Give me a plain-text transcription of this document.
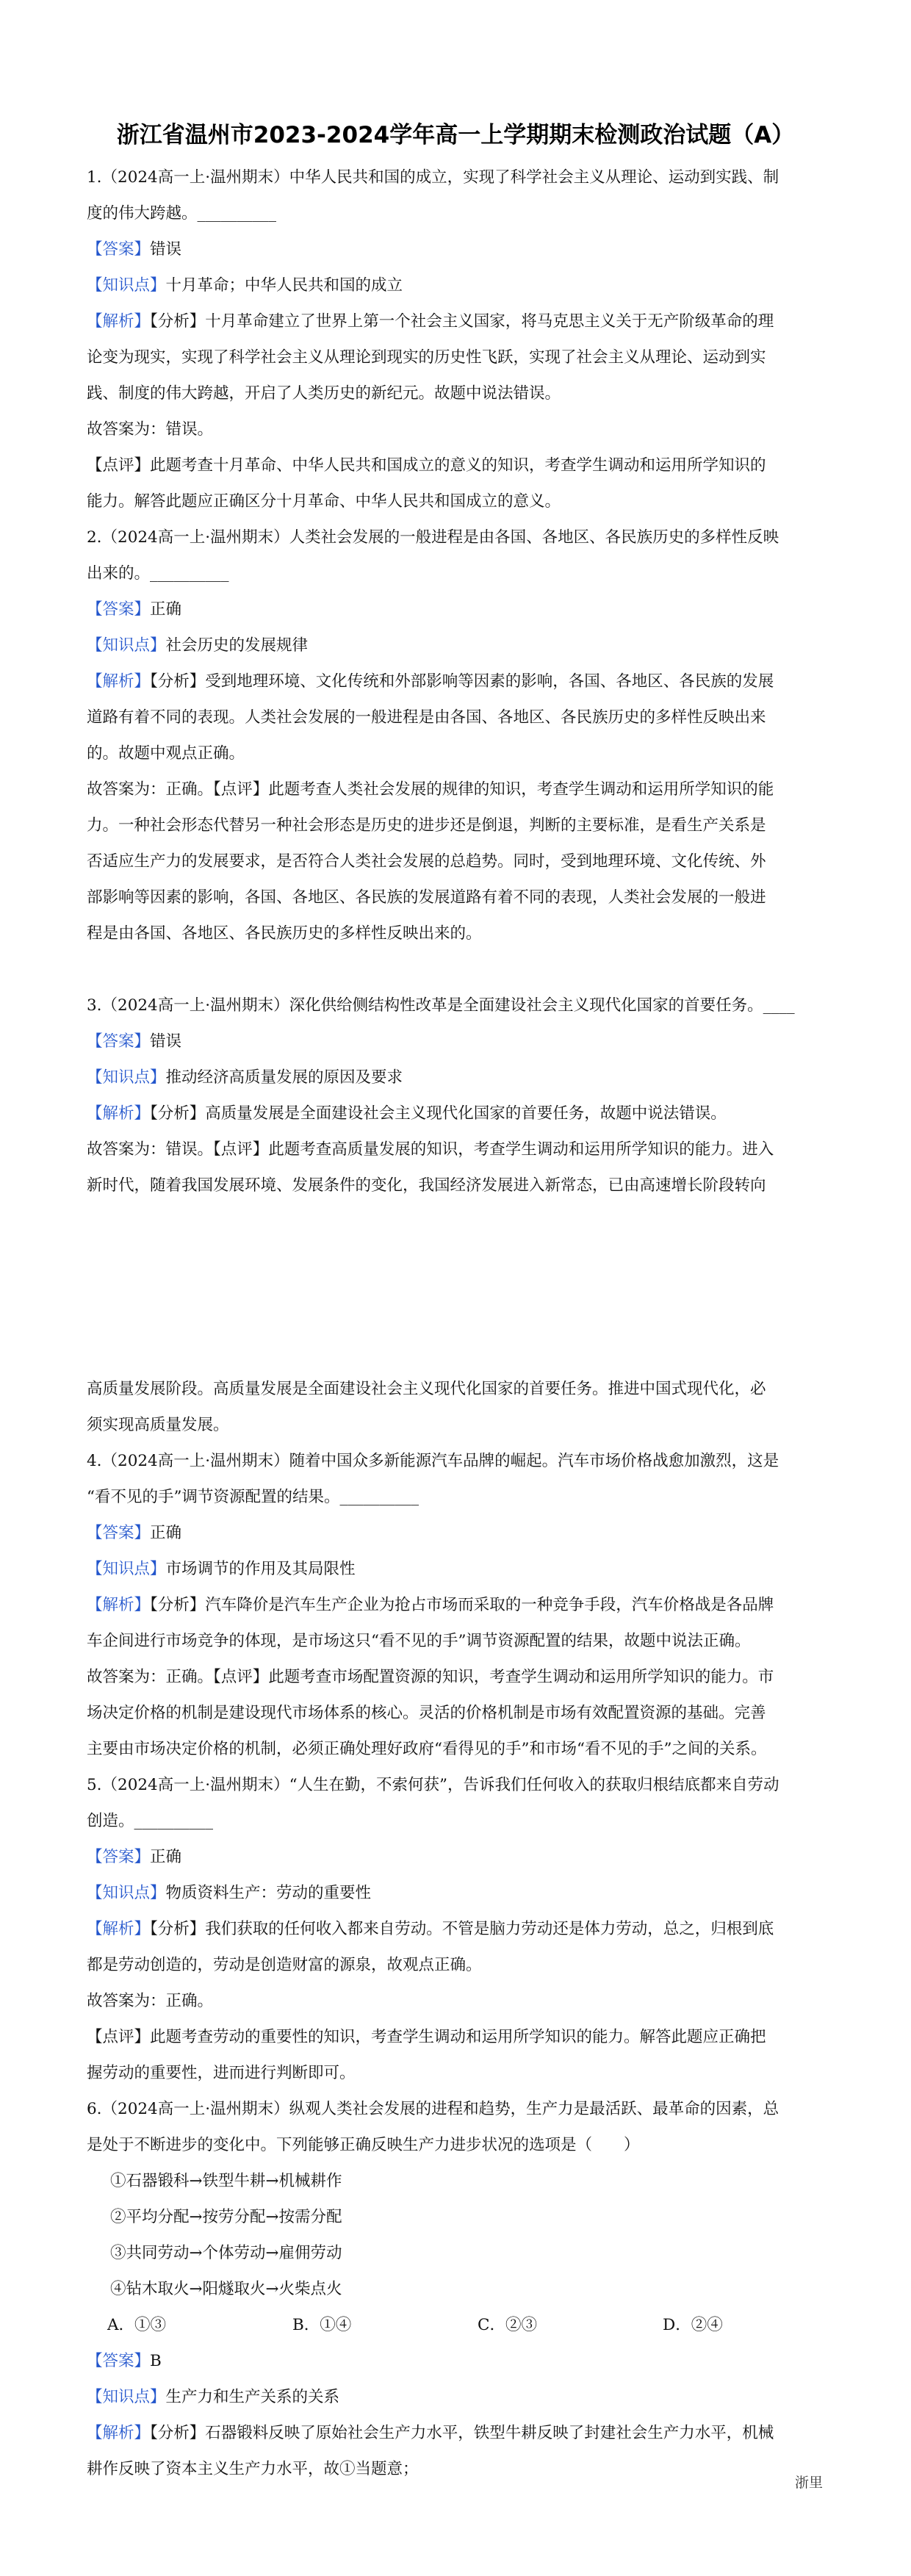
浙江省温州市2023-2024学年高一上学期期末检测政治试题（A）
1.（2024高一上·温州期末）中华人民共和国的成立，实现了科学社会主义从理论、运动到实践、制
度的伟大跨越。__________
【答案】错误
【知识点】十月革命；中华人民共和国的成立
【解析】【分析】十月革命建立了世界上第一个社会主义国家，将马克思主义关于无产阶级革命的理
论变为现实，实现了科学社会主义从理论到现实的历史性飞跃，实现了社会主义从理论、运动到实
践、制度的伟大跨越，开启了人类历史的新纪元。故题中说法错误。
故答案为：错误。
【点评】此题考查十月革命、中华人民共和国成立的意义的知识，考查学生调动和运用所学知识的
能力。解答此题应正确区分十月革命、中华人民共和国成立的意义。
2.（2024高一上·温州期末）人类社会发展的一般进程是由各国、各地区、各民族历史的多样性反映
出来的。__________
【答案】正确
【知识点】社会历史的发展规律
【解析】【分析】受到地理环境、文化传统和外部影响等因素的影响，各国、各地区、各民族的发展
道路有着不同的表现。人类社会发展的一般进程是由各国、各地区、各民族历史的多样性反映出来
的。故题中观点正确。
故答案为：正确。【点评】此题考查人类社会发展的规律的知识，考查学生调动和运用所学知识的能
力。一种社会形态代替另一种社会形态是历史的进步还是倒退，判断的主要标准，是看生产关系是
否适应生产力的发展要求，是否符合人类社会发展的总趋势。同时，受到地理环境、文化传统、外
部影响等因素的影响，各国、各地区、各民族的发展道路有着不同的表现，人类社会发展的一般进
程是由各国、各地区、各民族历史的多样性反映出来的。
3.（2024高一上·温州期末）深化供给侧结构性改革是全面建设社会主义现代化国家的首要任务。____
【答案】错误
【知识点】推动经济高质量发展的原因及要求
【解析】【分析】高质量发展是全面建设社会主义现代化国家的首要任务，故题中说法错误。
故答案为：错误。【点评】此题考查高质量发展的知识，考查学生调动和运用所学知识的能力。进入
新时代，随着我国发展环境、发展条件的变化，我国经济发展进入新常态，已由高速增长阶段转向
高质量发展阶段。高质量发展是全面建设社会主义现代化国家的首要任务。推进中国式现代化，必
须实现高质量发展。
4.（2024高一上·温州期末）随着中国众多新能源汽车品牌的崛起。汽车市场价格战愈加激烈，这是
“看不见的手”调节资源配置的结果。__________
【答案】正确
【知识点】市场调节的作用及其局限性
【解析】【分析】汽车降价是汽车生产企业为抢占市场而采取的一种竞争手段，汽车价格战是各品牌
车企间进行市场竞争的体现，是市场这只“看不见的手”调节资源配置的结果，故题中说法正确。
故答案为：正确。【点评】此题考查市场配置资源的知识，考查学生调动和运用所学知识的能力。市
场决定价格的机制是建设现代市场体系的核心。灵活的价格机制是市场有效配置资源的基础。完善
主要由市场决定价格的机制，必须正确处理好政府“看得见的手”和市场“看不见的手”之间的关系。
5.（2024高一上·温州期末）“人生在勤，不索何获”，告诉我们任何收入的获取归根结底都来自劳动
创造。__________
【答案】正确
【知识点】物质资料生产：劳动的重要性
【解析】【分析】我们获取的任何收入都来自劳动。不管是脑力劳动还是体力劳动，总之，归根到底
都是劳动创造的，劳动是创造财富的源泉，故观点正确。
故答案为：正确。
【点评】此题考查劳动的重要性的知识，考查学生调动和运用所学知识的能力。解答此题应正确把
握劳动的重要性，进而进行判断即可。
6.（2024高一上·温州期末）纵观人类社会发展的进程和趋势，生产力是最活跃、最革命的因素，总
是处于不断进步的变化中。下列能够正确反映生产力进步状况的选项是（　　）
①石器锻科→铁型牛耕→机械耕作
②平均分配→按劳分配→按需分配
③共同劳动→个体劳动→雇佣劳动
④钻木取火→阳燧取火→火柴点火
A．①③	B．①④	C．②③	D．②④
【答案】B
【知识点】生产力和生产关系的关系
【解析】【分析】石器锻料反映了原始社会生产力水平，铁型牛耕反映了封建社会生产力水平，机械
耕作反映了资本主义生产力水平，故①当题意；
浙里
